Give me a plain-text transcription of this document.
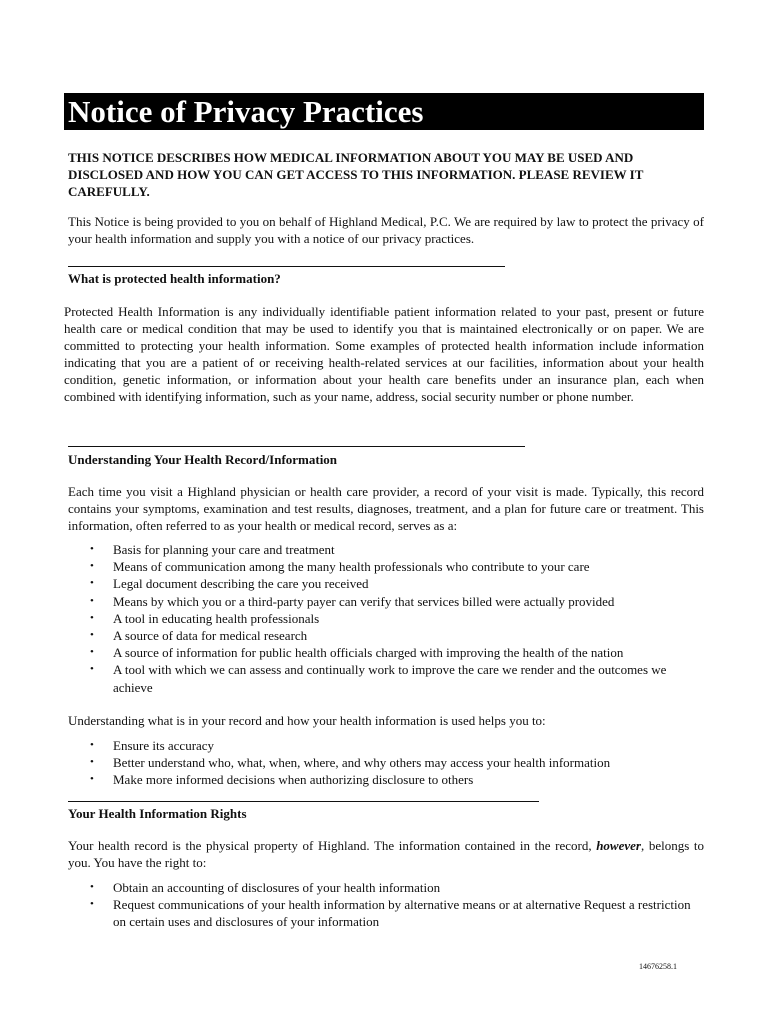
Notice of Privacy Practices
THIS NOTICE DESCRIBES HOW MEDICAL INFORMATION ABOUT YOU MAY BE USED AND DISCLOSED AND HOW YOU CAN GET ACCESS TO THIS INFORMATION. PLEASE REVIEW IT CAREFULLY.
This Notice is being provided to you on behalf of Highland Medical, P.C. We are required by law to protect the privacy of your health information and supply you with a notice of our privacy practices.
What is protected health information?
Protected Health Information is any individually identifiable patient information related to your past, present or future health care or medical condition that may be used to identify you that is maintained electronically or on paper. We are committed to protecting your health information. Some examples of protected health information include information indicating that you are a patient of or receiving health-related services at our facilities, information about your health condition, genetic information, or information about your health care benefits under an insurance plan, each when combined with identifying information, such as your name, address, social security number or phone number.
Understanding Your Health Record/Information
Each time you visit a Highland physician or health care provider, a record of your visit is made. Typically, this record contains your symptoms, examination and test results, diagnoses, treatment, and a plan for future care or treatment. This information, often referred to as your health or medical record, serves as a:
• Basis for planning your care and treatment
• Means of communication among the many health professionals who contribute to your care
• Legal document describing the care you received
• Means by which you or a third-party payer can verify that services billed were actually provided
• A tool in educating health professionals
• A source of data for medical research
• A source of information for public health officials charged with improving the health of the nation
• A tool with which we can assess and continually work to improve the care we render and the outcomes we achieve
Understanding what is in your record and how your health information is used helps you to:
• Ensure its accuracy
• Better understand who, what, when, where, and why others may access your health information
• Make more informed decisions when authorizing disclosure to others
Your Health Information Rights
Your health record is the physical property of Highland. The information contained in the record, however, belongs to you. You have the right to:
• Obtain an accounting of disclosures of your health information
• Request communications of your health information by alternative means or at alternative Request a restriction on certain uses and disclosures of your information
14676258.1
